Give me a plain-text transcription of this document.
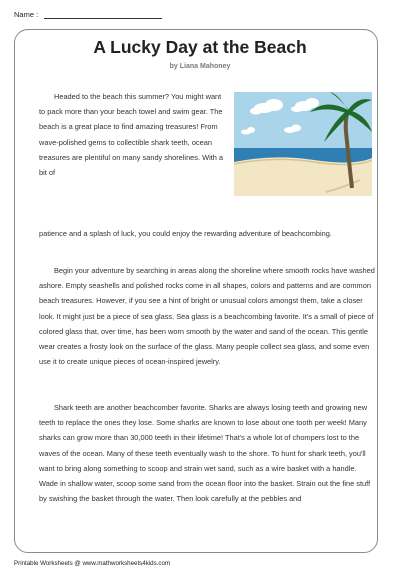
Name :
A Lucky Day at the Beach
by Liana Mahoney
Headed to the beach this summer? You might want to pack more than your beach towel and swim gear. The beach is a great place to find amazing treasures! From wave-polished gems to collectible shark teeth, ocean treasures are plentiful on many sandy shorelines. With a bit of
patience and a splash of luck, you could enjoy the rewarding adventure of beachcombing.
Begin your adventure by searching in areas along the shoreline where smooth rocks have washed ashore. Empty seashells and polished rocks come in all shapes, colors and patterns and are common beach treasures. However, if you see a hint of bright or unusual colors amongst them, take a closer look. It might just be a piece of sea glass. Sea glass is a beachcombing favorite. It's a small of piece of colored glass that, over time, has been worn smooth by the water and sand of the ocean. This gentle wear creates a frosty look on the surface of the glass. Many people collect sea glass, and some even use it to create unique pieces of ocean-inspired jewelry.
Shark teeth are another beachcomber favorite. Sharks are always losing teeth and growing new teeth to replace the ones they lose. Some sharks are known to lose about one tooth per week! Many sharks can grow more than 30,000 teeth in their lifetime! That's a whole lot of chompers lost to the waves of the ocean. Many of these teeth eventually wash to the shore. To hunt for shark teeth, you'll want to bring along something to scoop and strain wet sand, such as a wire basket with a handle. Wade in shallow water, scoop some sand from the ocean floor into the basket. Strain out the fine stuff by swishing the basket through the water. Then look carefully at the pebbles and
Printable Worksheets @ www.mathworksheets4kids.com
